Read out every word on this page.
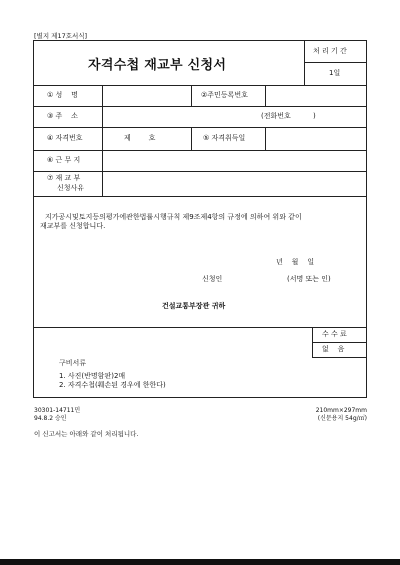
[별지 제17호서식]
자격수첩 재교부 신청서
처 리 기 간
1일
① 성    명	②주민등록번호
③ 주    소	(전화번호          )
④ 자격번호	제        호	⑤ 자격취득일
⑥ 근 무 지
⑦ 재 교 부
신청사유
지가공시및토지등의평가에관한법률시행규칙 제9조제4항의 규정에 의하여 위와 같이
재교부를 신청합니다.
년    월    일
신청인	(서명 또는 인)
건설교통부장관 귀하
수 수 료
없    음
구비서류
1. 사진(반명함판)2매
2. 자격수첩(훼손된 경우에 한한다)
30301-14711민
94.8.2 승인
210mm×297mm
(신문용지 54g/㎡)
이 신고서는 아래와 같이 처리됩니다.
